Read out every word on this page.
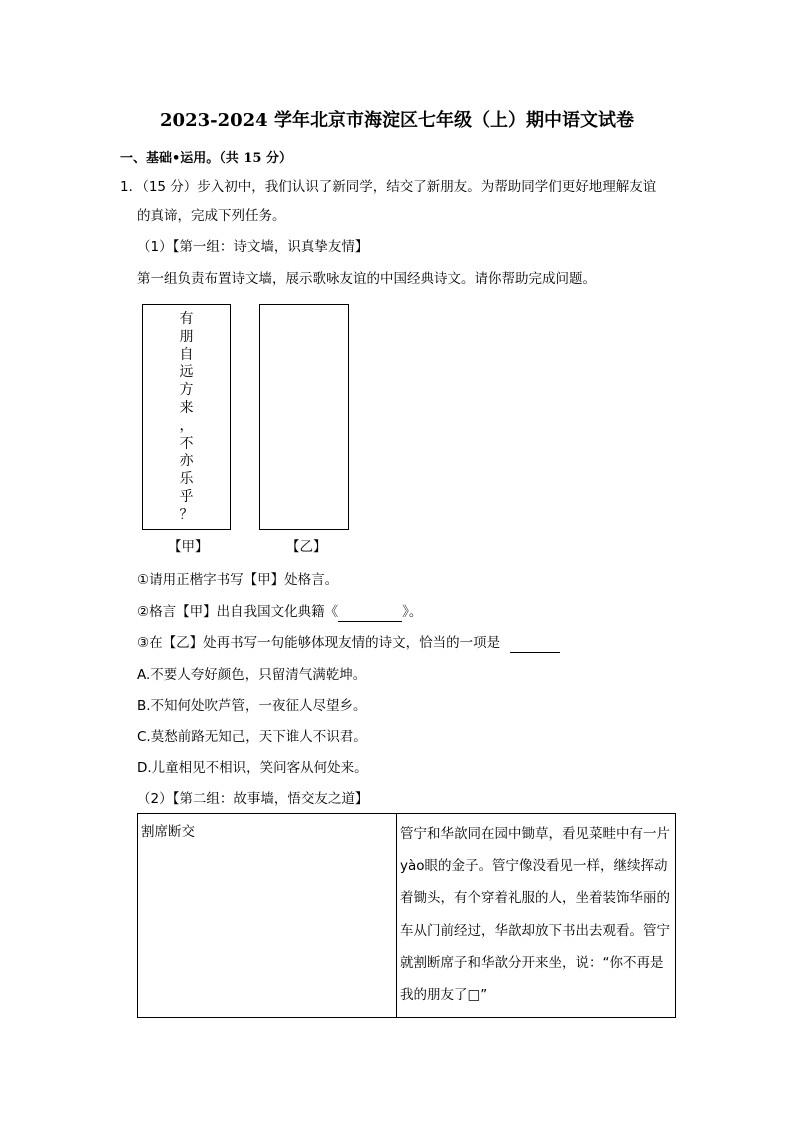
2023-2024 学年北京市海淀区七年级（上）期中语文试卷
一、基础•运用。（共 15 分）
1．（15 分）步入初中，我们认识了新同学，结交了新朋友。为帮助同学们更好地理解友谊
的真谛，完成下列任务。
（1）【第一组：诗文墙，识真挚友情】
第一组负责布置诗文墙，展示歌咏友谊的中国经典诗文。请你帮助完成问题。
有
朋
自
远
方
来
，
不
亦
乐
乎
？
【甲】	【乙】
①请用正楷字书写【甲】处格言。
②格言【甲】出自我国文化典籍《	》。
③在【乙】处再书写一句能够体现友情的诗文，恰当的一项是
A.不要人夸好颜色，只留清气满乾坤。
B.不知何处吹芦管，一夜征人尽望乡。
C.莫愁前路无知己，天下谁人不识君。
D.儿童相见不相识，笑问客从何处来。
（2）【第二组：故事墙，悟交友之道】
割席断交	管宁和华歆同在园中锄草，看见菜畦中有一片yào眼的金子。管宁像没看见一样，继续挥动着锄头，有个穿着礼服的人，坐着装饰华丽的车从门前经过，华歆却放下书出去观看。管宁就割断席子和华歆分开来坐，说：“你不再是我的朋友了□”
